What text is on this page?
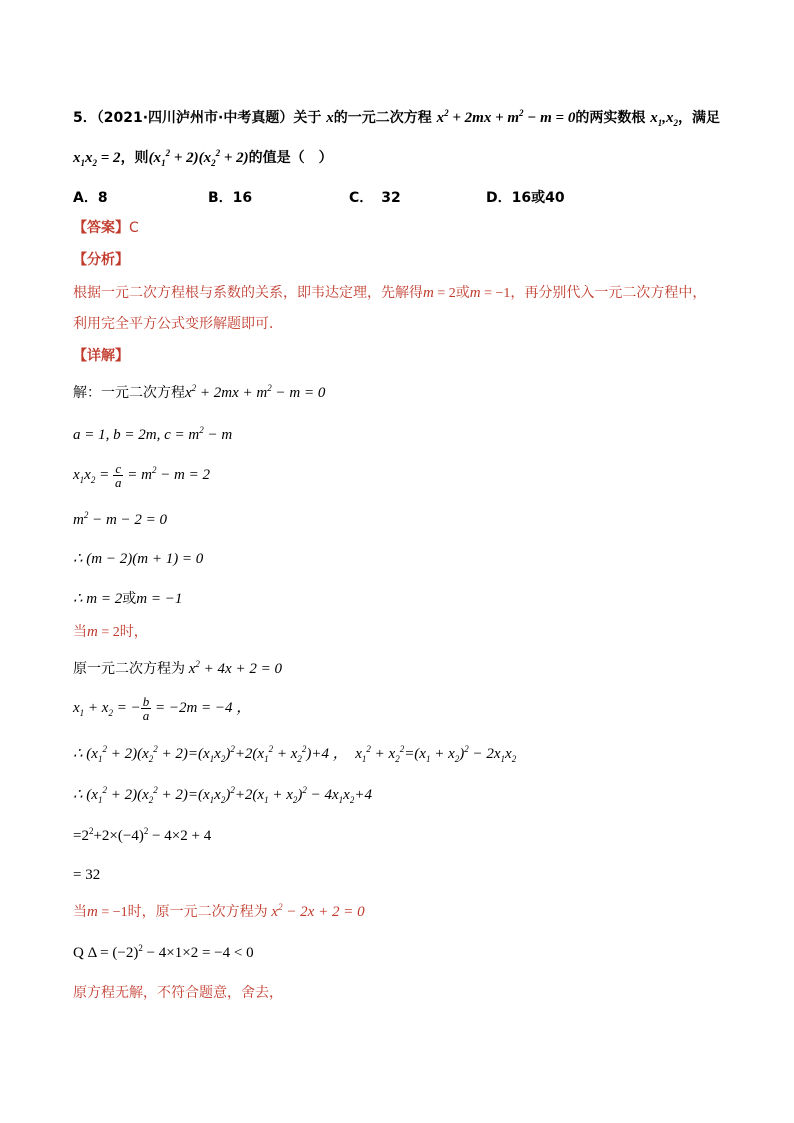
5．（2021·四川泸州市·中考真题）关于 x的一元二次方程 $x^2 + 2mx + m^2 - m = 0$的两实数根 $x_1,x_2$，满足
$x_1x_2 = 2$，则$(x_1^2 + 2)(x_2^2 + 2)$的值是（　）
A．8	B．16	C． 32	D．16或40
【答案】C
【分析】
根据一元二次方程根与系数的关系，即韦达定理，先解得m = 2或m = −1，再分别代入一元二次方程中，
利用完全平方公式变形解题即可．
【详解】
解：一元二次方程$x^2 + 2mx + m^2 - m = 0$
a = 1, b = 2m, $c = m^2 - m$
$x_1x_2 = \frac{c}{a} = m^2 - m = 2$
$m^2 - m - 2 = 0$
∴ (m − 2)(m + 1) = 0
∴ m = 2或m = −1
当m = 2时，
原一元二次方程为 $x^2 + 4x + 2 = 0$
$x_1 + x_2$ = − $\frac{b}{a} = -2m = -4$ ，
∴ $(x_1^2 + 2)(x_2^2 + 2)=(x_1x_2)^2+2(x_1^2 + x_2^2)+4$ ，  $x_1^2 + x_2^2=(x_1 + x_2)^2 - 2x_1x_2$
∴ $(x_1^2 + 2)(x_2^2 + 2)=(x_1x_2)^2+2(x_1 + x_2)^2 - 4x_1x_2+4$
$=2^2+2\times(-4)^2 - 4\times 2 + 4$
= 32
当m = −1时，原一元二次方程为 $x^2 - 2x + 2 = 0$
Q $\Delta = (-2)^2 - 4\times 1\times 2 = -4 < 0$
原方程无解，不符合题意，舍去，
